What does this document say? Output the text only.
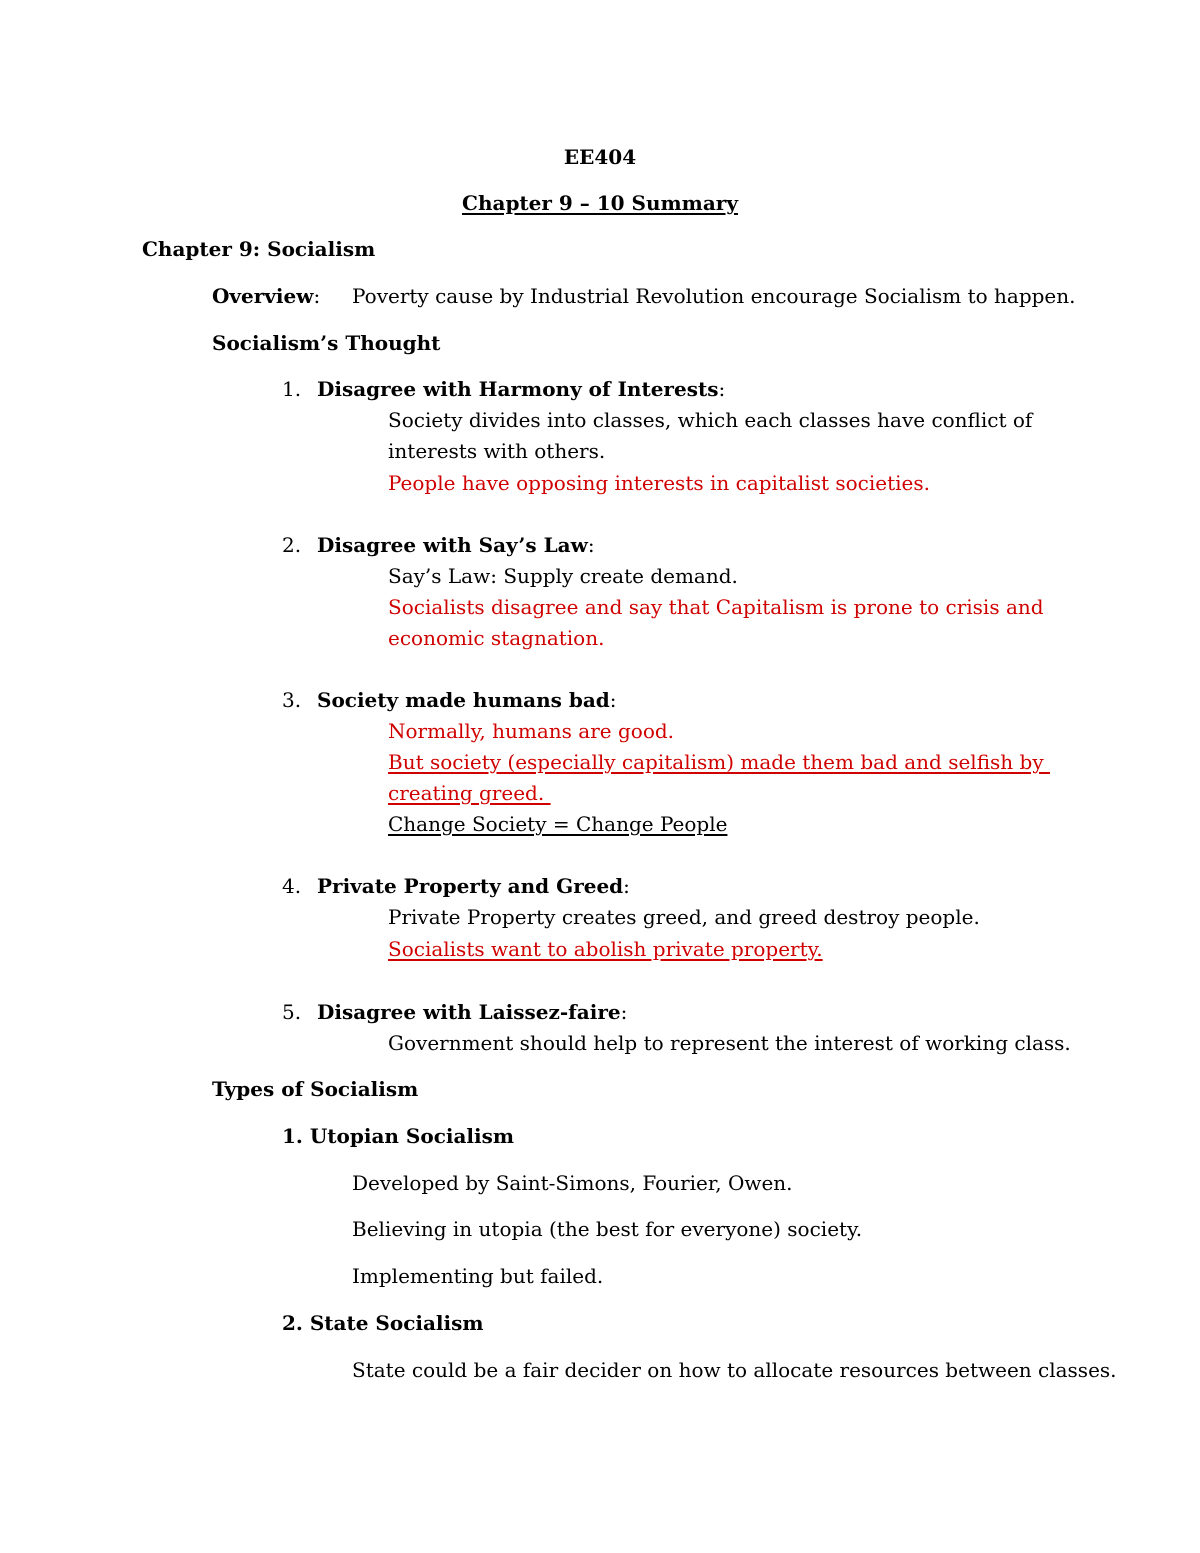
EE404

Chapter 9 – 10 Summary

Chapter 9: Socialism

Overview: Poverty cause by Industrial Revolution encourage Socialism to happen.

Socialism’s Thought

1. Disagree with Harmony of Interests:

Society divides into classes, which each classes have conflict of

interests with others.

People have opposing interests in capitalist societies.

2. Disagree with Say’s Law:

Say’s Law: Supply create demand.

Socialists disagree and say that Capitalism is prone to crisis and

economic stagnation.

3. Society made humans bad:

Normally, humans are good.

But society (especially capitalism) made them bad and selfish by

creating greed.

Change Society = Change People

4. Private Property and Greed:

Private Property creates greed, and greed destroy people.

Socialists want to abolish private property.

5. Disagree with Laissez-faire:

Government should help to represent the interest of working class.

Types of Socialism

1. Utopian Socialism

Developed by Saint-Simons, Fourier, Owen.

Believing in utopia (the best for everyone) society.

Implementing but failed.

2. State Socialism

State could be a fair decider on how to allocate resources between classes.
